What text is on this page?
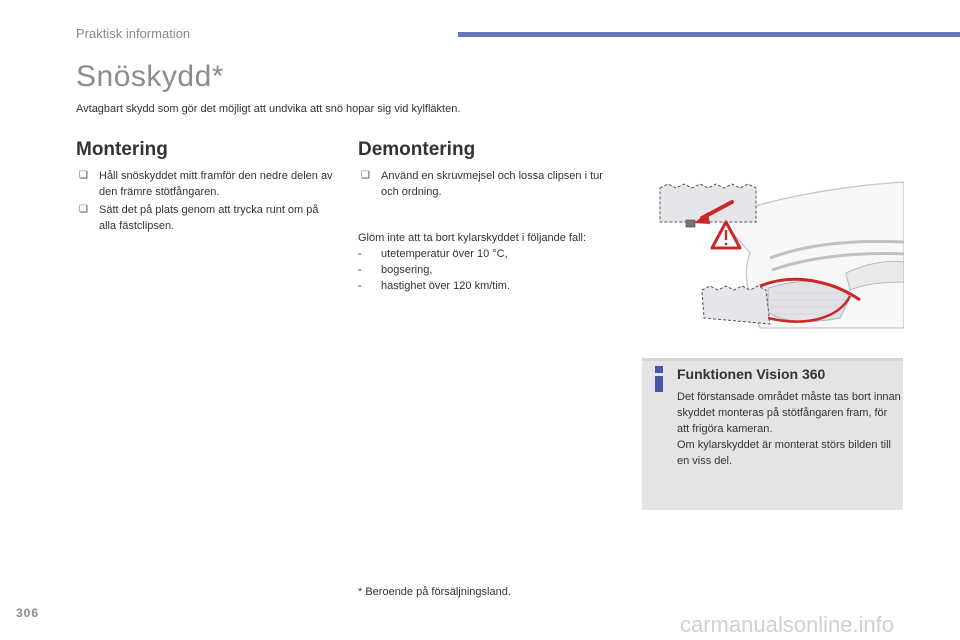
Praktisk information
Snöskydd*
Avtagbart skydd som gör det möjligt att undvika att snö hopar sig vid kylfläkten.
Montering
❑ Håll snöskyddet mitt framför den nedre delen av den främre stötfångaren.
❑ Sätt det på plats genom att trycka runt om på alla fästclipsen.
Demontering
❑ Använd en skruvmejsel och lossa clipsen i tur och ordning.
Glöm inte att ta bort kylarskyddet i följande fall:
- utetemperatur över 10 °C,
- bogsering,
- hastighet över 120 km/tim.
Funktionen Vision 360

Det förstansade området måste tas bort innan skyddet monteras på stötfångaren fram, för att frigöra kameran.

Om kylarskyddet är monterat störs bilden till en viss del.

* Beroende på försäljningsland.
306	carmanualsonline.info
